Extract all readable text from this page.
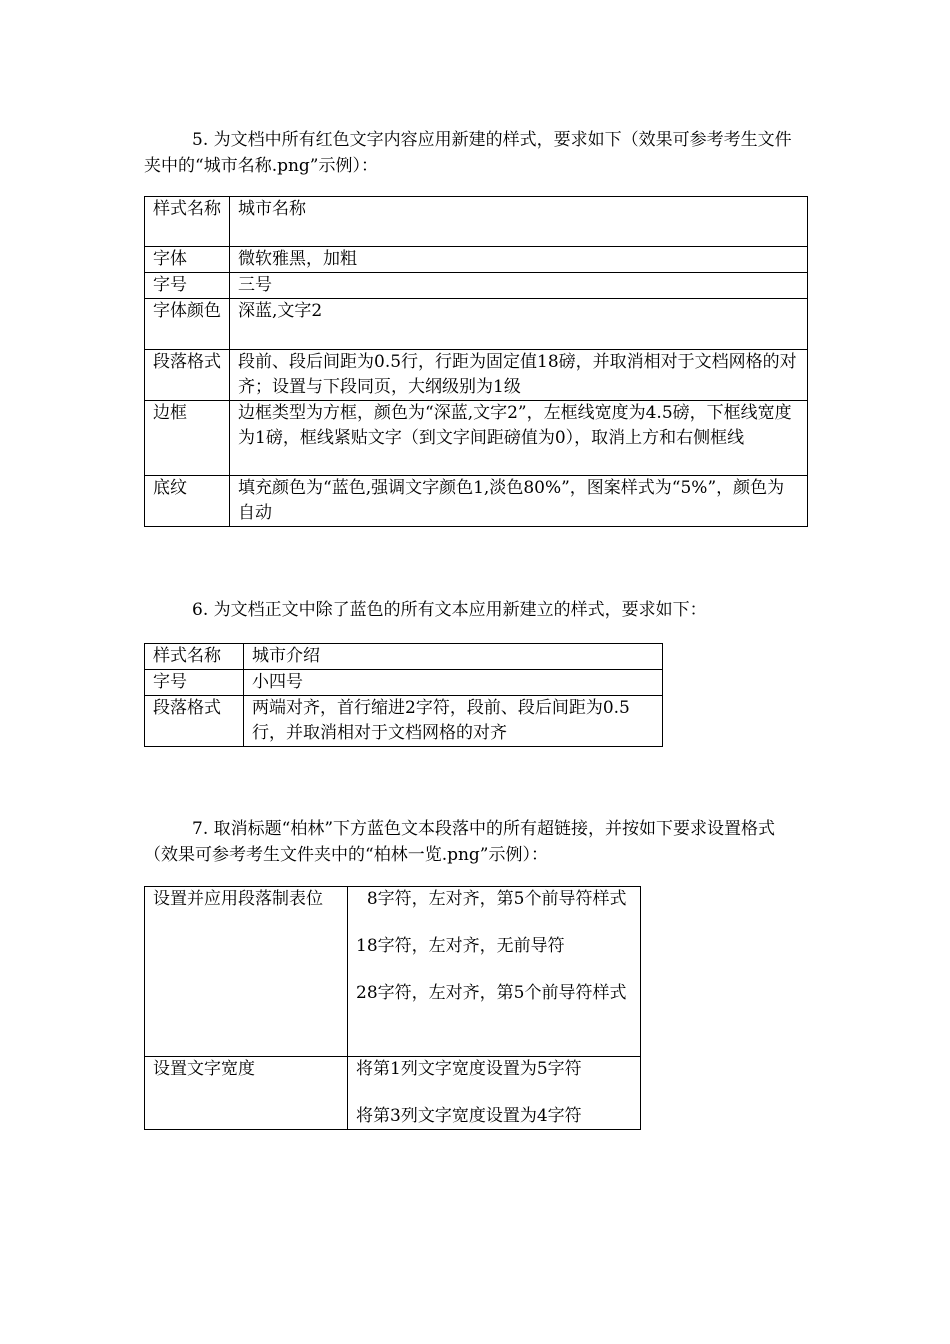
5. 为文档中所有红色文字内容应用新建的样式，要求如下（效果可参考考生文件夹中的“城市名称.png”示例）：

样式名称	城市名称
字体	微软雅黑，加粗
字号	三号
字体颜色	深蓝,文字2
段落格式	段前、段后间距为0.5行，行距为固定值18磅，并取消相对于文档网格的对齐；设置与下段同页，大纲级别为1级
边框	边框类型为方框，颜色为“深蓝,文字2”，左框线宽度为4.5磅，下框线宽度为1磅，框线紧贴文字（到文字间距磅值为0），取消上方和右侧框线
底纹	填充颜色为“蓝色,强调文字颜色1,淡色80%”，图案样式为“5%”，颜色为自动

6. 为文档正文中除了蓝色的所有文本应用新建立的样式，要求如下：

样式名称	城市介绍
字号	小四号
段落格式	两端对齐，首行缩进2字符，段前、段后间距为0.5行，并取消相对于文档网格的对齐

7. 取消标题“柏林”下方蓝色文本段落中的所有超链接，并按如下要求设置格式（效果可参考考生文件夹中的“柏林一览.png”示例）：

设置并应用段落制表位	8字符，左对齐，第5个前导符样式
18字符，左对齐，无前导符
28字符，左对齐，第5个前导符样式

设置文字宽度	将第1列文字宽度设置为5字符
将第3列文字宽度设置为4字符
